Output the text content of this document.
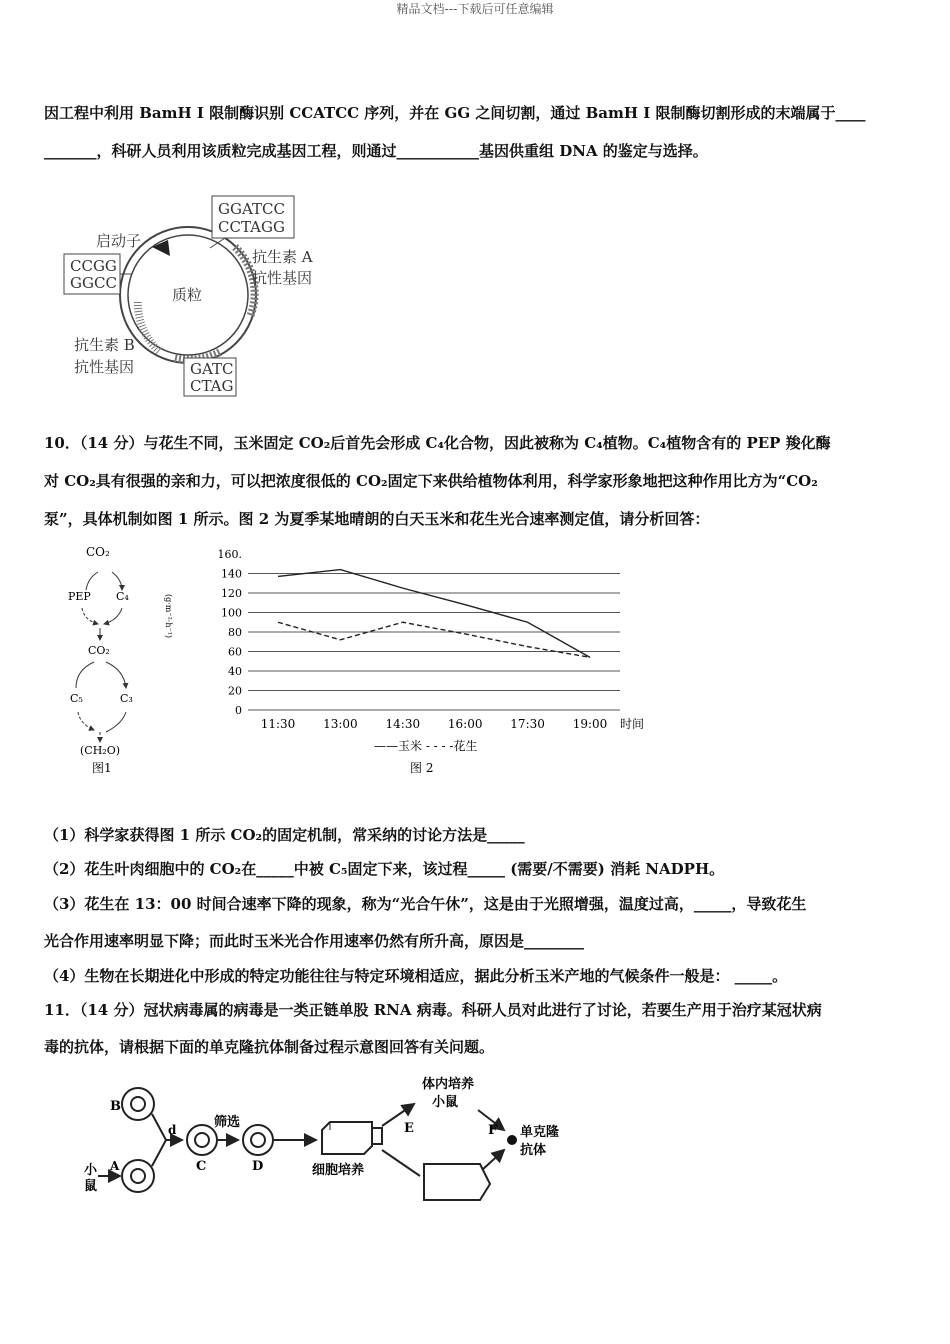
精品文档---下载后可任意编辑
因工程中利用 BamH I 限制酶识别 CCATCC 序列，并在 GG 之间切割，通过 BamH I 限制酶切割形成的末端属于____
_______，科研人员利用该质粒完成基因工程，则通过___________基因供重组 DNA 的鉴定与选择。
GGATCC
CCTAGG
启动子
CCGG
GGCC
质粒
抗生素 A
抗性基因
抗生素 B
抗性基因	GATC
CTAG
10．（14 分）与花生不同，玉米固定 CO₂后首先会形成 C₄化合物，因此被称为 C₄植物。C₄植物含有的 PEP 羧化酶
对 CO₂具有很强的亲和力，可以把浓度很低的 CO₂固定下来供给植物体利用，科学家形象地把这种作用比方为“CO₂
泵”，具体机制如图 1 所示。图 2 为夏季某地晴朗的白天玉米和花生光合速率测定值，请分析回答：
CO₂
PEP C₄
CO₂
C₅	C₃
(CH₂O)
图1
0
20
40
60
80
100
120
140
160.
(g·m⁻²·h⁻¹)
11:30 13:00 14:30 16:00 17:30 19:00 时间
——玉米 - - - -花生
图 2
（1）科学家获得图 1 所示 CO₂的固定机制，常采纳的讨论方法是_____
（2）花生叶肉细胞中的 CO₂在_____中被 C₅固定下来，该过程_____ (需要/不需要) 消耗 NADPH。
（3）花生在 13：00 时间合速率下降的现象，称为“光合午休”，这是由于光照增强，温度过高，_____，导致花生
光合作用速率明显下降；而此时玉米光合作用速率仍然有所升高，原因是________
（4）生物在长期进化中形成的特定功能往往与特定环境相适应，据此分析玉米产地的气候条件一般是： _____。
11．（14 分）冠状病毒属的病毒是一类正链单股 RNA 病毒。科研人员对此进行了讨论，若要生产用于治疗某冠状病
毒的抗体，请根据下面的单克隆抗体制备过程示意图回答有关问题。
B
小
鼠
A
d
C
筛选
D	细胞培养
E
体内培养
小鼠
F 单克隆
抗体
